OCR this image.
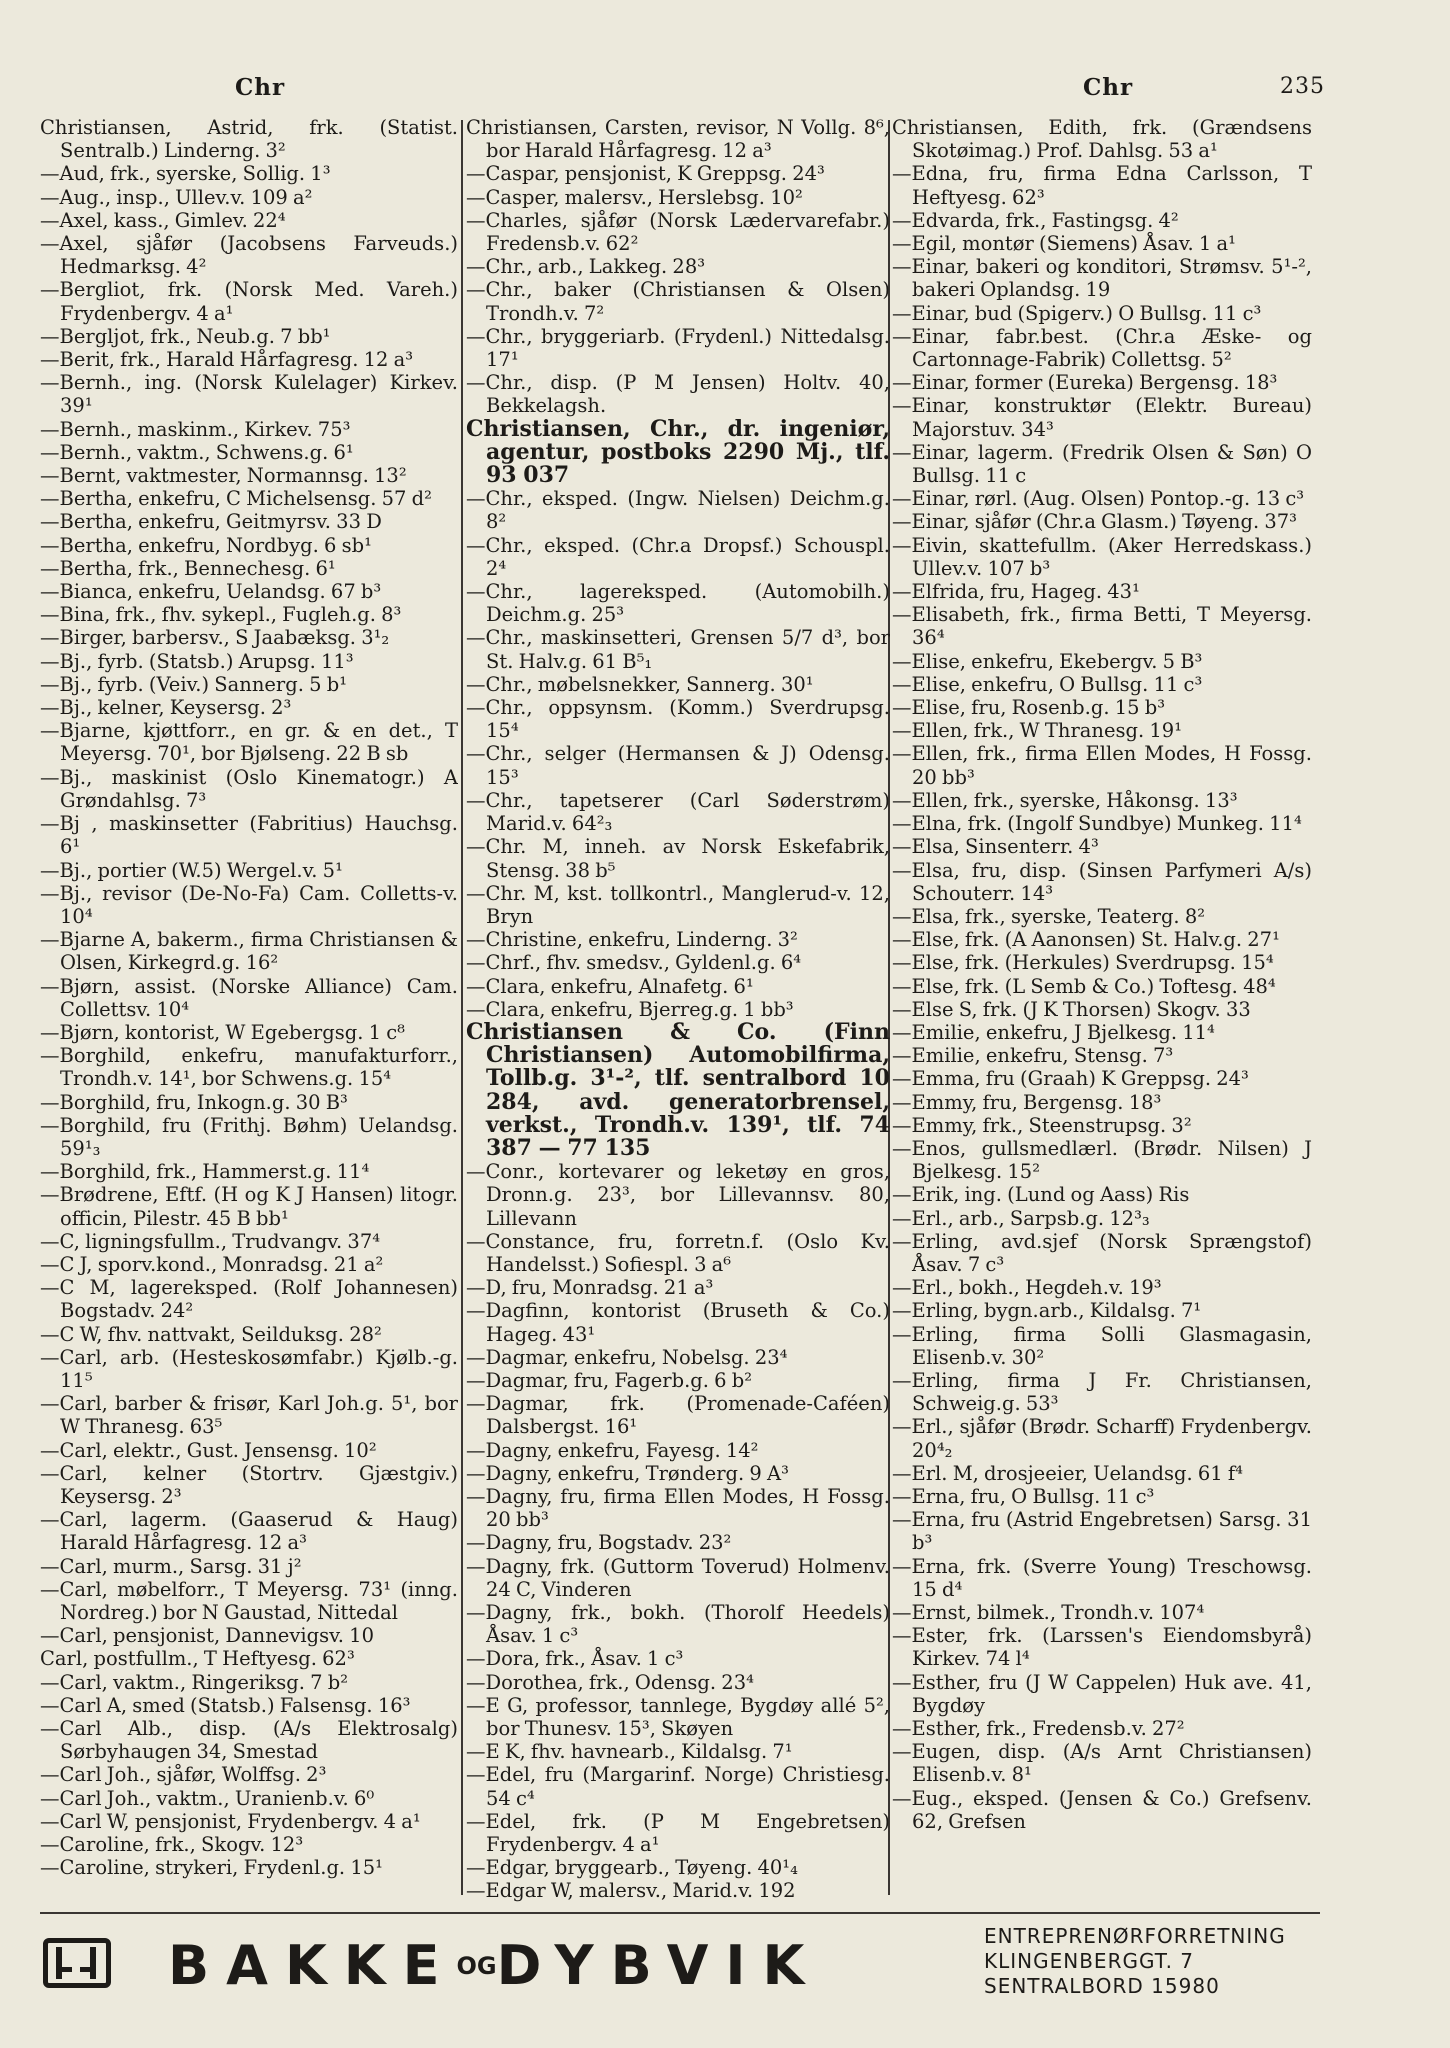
Chr	Chr	235

Christiansen, Astrid, frk. (Statist. Sentralb.) Linderng. 3²

—Aud, frk., syerske, Sollig. 1³

—Aug., insp., Ullev.v. 109 a²

—Axel, kass., Gimlev. 22⁴

—Axel, sjåfør (Jacobsens Farveuds.) Hedmarksg. 4²

—Bergliot, frk. (Norsk Med. Vareh.) Frydenbergv. 4 a¹

—Bergljot, frk., Neub.g. 7 bb¹

—Berit, frk., Harald Hårfagresg. 12 a³

—Bernh., ing. (Norsk Kulelager) Kirkev. 39¹

—Bernh., maskinm., Kirkev. 75³

—Bernh., vaktm., Schwens.g. 6¹

—Bernt, vaktmester, Normannsg. 13²

—Bertha, enkefru, C Michelsensg. 57 d²

—Bertha, enkefru, Geitmyrsv. 33 D

—Bertha, enkefru, Nordbyg. 6 sb¹

—Bertha, frk., Bennechesg. 6¹

—Bianca, enkefru, Uelandsg. 67 b³

—Bina, frk., fhv. sykepl., Fugleh.g. 8³

—Birger, barbersv., S Jaabæksg. 3¹₂

—Bj., fyrb. (Statsb.) Arupsg. 11³

—Bj., fyrb. (Veiv.) Sannerg. 5 b¹

—Bj., kelner, Keysersg. 2³

—Bjarne, kjøttforr., en gr. & en det., T Meyersg. 70¹, bor Bjølseng. 22 B sb

—Bj., maskinist (Oslo Kinematogr.) A Grøndahlsg. 7³

—Bj , maskinsetter (Fabritius) Hauchsg. 6¹

—Bj., portier (W.5) Wergel.v. 5¹

—Bj., revisor (De-No-Fa) Cam. Colletts-v. 10⁴

—Bjarne A, bakerm., firma Christiansen & Olsen, Kirkegrd.g. 16²

—Bjørn, assist. (Norske Alliance) Cam. Collettsv. 10⁴

—Bjørn, kontorist, W Egebergsg. 1 c⁸

—Borghild, enkefru, manufakturforr., Trondh.v. 14¹, bor Schwens.g. 15⁴

—Borghild, fru, Inkogn.g. 30 B³

—Borghild, fru (Frithj. Bøhm) Uelandsg. 59¹₃

—Borghild, frk., Hammerst.g. 11⁴

—Brødrene, Eftf. (H og K J Hansen) litogr. officin, Pilestr. 45 B bb¹

—C, ligningsfullm., Trudvangv. 37⁴

—C J, sporv.kond., Monradsg. 21 a²

—C M, lagereksped. (Rolf Johannesen) Bogstadv. 24²

—C W, fhv. nattvakt, Seilduksg. 28²

—Carl, arb. (Hesteskosømfabr.) Kjølb.-g. 11⁵

—Carl, barber & frisør, Karl Joh.g. 5¹, bor W Thranesg. 63⁵

—Carl, elektr., Gust. Jensensg. 10²

—Carl, kelner (Stortrv. Gjæstgiv.) Keysersg. 2³

—Carl, lagerm. (Gaaserud & Haug) Harald Hårfagresg. 12 a³

—Carl, murm., Sarsg. 31 j²

—Carl, møbelforr., T Meyersg. 73¹ (inng. Nordreg.) bor N Gaustad, Nittedal

—Carl, pensjonist, Dannevigsv. 10

Carl, postfullm., T Heftyesg. 62³

—Carl, vaktm., Ringeriksg. 7 b²

—Carl A, smed (Statsb.) Falsensg. 16³

—Carl Alb., disp. (A/s Elektrosalg) Sørbyhaugen 34, Smestad

—Carl Joh., sjåfør, Wolffsg. 2³

—Carl Joh., vaktm., Uranienb.v. 6⁰

—Carl W, pensjonist, Frydenbergv. 4 a¹

—Caroline, frk., Skogv. 12³

—Caroline, strykeri, Frydenl.g. 15¹

Christiansen, Carsten, revisor, N Vollg. 8⁶, bor Harald Hårfagresg. 12 a³

—Caspar, pensjonist, K Greppsg. 24³

—Casper, malersv., Herslebsg. 10²

—Charles, sjåfør (Norsk Lædervarefabr.) Fredensb.v. 62²

—Chr., arb., Lakkeg. 28³

—Chr., baker (Christiansen & Olsen) Trondh.v. 7²

—Chr., bryggeriarb. (Frydenl.) Nittedalsg. 17¹

—Chr., disp. (P M Jensen) Holtv. 40, Bekkelagsh.

Christiansen, Chr., dr. ingeniør, agentur, postboks 2290 Mj., tlf. 93 037

—Chr., eksped. (Ingw. Nielsen) Deichm.g. 8²

—Chr., eksped. (Chr.a Dropsf.) Schouspl. 2⁴

—Chr., lagereksped. (Automobilh.) Deichm.g. 25³

—Chr., maskinsetteri, Grensen 5/7 d³, bor St. Halv.g. 61 B⁵₁

—Chr., møbelsnekker, Sannerg. 30¹

—Chr., oppsynsm. (Komm.) Sverdrupsg. 15⁴

—Chr., selger (Hermansen & J) Odensg. 15³

—Chr., tapetserer (Carl Søderstrøm) Marid.v. 64²₃

—Chr. M, inneh. av Norsk Eskefabrik, Stensg. 38 b⁵

—Chr. M, kst. tollkontrl., Manglerud-v. 12, Bryn

—Christine, enkefru, Linderng. 3²

—Chrf., fhv. smedsv., Gyldenl.g. 6⁴

—Clara, enkefru, Alnafetg. 6¹

—Clara, enkefru, Bjerreg.g. 1 bb³

Christiansen & Co. (Finn Christiansen) Automobilfirma, Tollb.g. 3¹-², tlf. sentralbord 10 284, avd. generatorbrensel, verkst., Trondh.v. 139¹, tlf. 74 387 — 77 135

—Conr., kortevarer og leketøy en gros, Dronn.g. 23³, bor Lillevannsv. 80, Lillevann

—Constance, fru, forretn.f. (Oslo Kv. Handelsst.) Sofiespl. 3 a⁶

—D, fru, Monradsg. 21 a³

—Dagfinn, kontorist (Bruseth & Co.) Hageg. 43¹

—Dagmar, enkefru, Nobelsg. 23⁴

—Dagmar, fru, Fagerb.g. 6 b²

—Dagmar, frk. (Promenade-Caféen) Dalsbergst. 16¹

—Dagny, enkefru, Fayesg. 14²

—Dagny, enkefru, Trønderg. 9 A³

—Dagny, fru, firma Ellen Modes, H Fossg. 20 bb³

—Dagny, fru, Bogstadv. 23²

—Dagny, frk. (Guttorm Toverud) Holmenv. 24 C, Vinderen

—Dagny, frk., bokh. (Thorolf Heedels) Åsav. 1 c³

—Dora, frk., Åsav. 1 c³

—Dorothea, frk., Odensg. 23⁴

—E G, professor, tannlege, Bygdøy allé 5², bor Thunesv. 15³, Skøyen

—E K, fhv. havnearb., Kildalsg. 7¹

—Edel, fru (Margarinf. Norge) Christiesg. 54 c⁴

—Edel, frk. (P M Engebretsen) Frydenbergv. 4 a¹

—Edgar, bryggearb., Tøyeng. 40¹₄

—Edgar W, malersv., Marid.v. 192

Christiansen, Edith, frk. (Grændsens Skotøimag.) Prof. Dahlsg. 53 a¹

—Edna, fru, firma Edna Carlsson, T Heftyesg. 62³

—Edvarda, frk., Fastingsg. 4²

—Egil, montør (Siemens) Åsav. 1 a¹

—Einar, bakeri og konditori, Strømsv. 5¹-², bakeri Oplandsg. 19

—Einar, bud (Spigerv.) O Bullsg. 11 c³

—Einar, fabr.best. (Chr.a Æske- og Cartonnage-Fabrik) Collettsg. 5²

—Einar, former (Eureka) Bergensg. 18³

—Einar, konstruktør (Elektr. Bureau) Majorstuv. 34³

—Einar, lagerm. (Fredrik Olsen & Søn) O Bullsg. 11 c

—Einar, rørl. (Aug. Olsen) Pontop.-g. 13 c³

—Einar, sjåfør (Chr.a Glasm.) Tøyeng. 37³

—Eivin, skattefullm. (Aker Herredskass.) Ullev.v. 107 b³

—Elfrida, fru, Hageg. 43¹

—Elisabeth, frk., firma Betti, T Meyersg. 36⁴

—Elise, enkefru, Ekebergv. 5 B³

—Elise, enkefru, O Bullsg. 11 c³

—Elise, fru, Rosenb.g. 15 b³

—Ellen, frk., W Thranesg. 19¹

—Ellen, frk., firma Ellen Modes, H Fossg. 20 bb³

—Ellen, frk., syerske, Håkonsg. 13³

—Elna, frk. (Ingolf Sundbye) Munkeg. 11⁴

—Elsa, Sinsenterr. 4³

—Elsa, fru, disp. (Sinsen Parfymeri A/s) Schouterr. 14³

—Elsa, frk., syerske, Teaterg. 8²

—Else, frk. (A Aanonsen) St. Halv.g. 27¹

—Else, frk. (Herkules) Sverdrupsg. 15⁴

—Else, frk. (L Semb & Co.) Toftesg. 48⁴

—Else S, frk. (J K Thorsen) Skogv. 33

—Emilie, enkefru, J Bjelkesg. 11⁴

—Emilie, enkefru, Stensg. 7³

—Emma, fru (Graah) K Greppsg. 24³

—Emmy, fru, Bergensg. 18³

—Emmy, frk., Steenstrupsg. 3²

—Enos, gullsmedlærl. (Brødr. Nilsen) J Bjelkesg. 15²

—Erik, ing. (Lund og Aass) Ris

—Erl., arb., Sarpsb.g. 12³₃

—Erling, avd.sjef (Norsk Sprængstof) Åsav. 7 c³

—Erl., bokh., Hegdeh.v. 19³

—Erling, bygn.arb., Kildalsg. 7¹

—Erling, firma Solli Glasmagasin, Elisenb.v. 30²

—Erling, firma J Fr. Christiansen, Schweig.g. 53³

—Erl., sjåfør (Brødr. Scharff) Frydenbergv. 20⁴₂

—Erl. M, drosjeeier, Uelandsg. 61 f⁴

—Erna, fru, O Bullsg. 11 c³

—Erna, fru (Astrid Engebretsen) Sarsg. 31 b³

—Erna, frk. (Sverre Young) Treschowsg. 15 d⁴

—Ernst, bilmek., Trondh.v. 107⁴

—Ester, frk. (Larssen's Eiendomsbyrå) Kirkev. 74 l⁴

—Esther, fru (J W Cappelen) Huk ave. 41, Bygdøy

—Esther, frk., Fredensb.v. 27²

—Eugen, disp. (A/s Arnt Christiansen) Elisenb.v. 8¹

—Eug., eksped. (Jensen & Co.) Grefsenv. 62, Grefsen

BAKKEOGDYBVIK	ENTREPRENØRFORRETNING
KLINGENBERGGT. 7
SENTRALBORD 15980
